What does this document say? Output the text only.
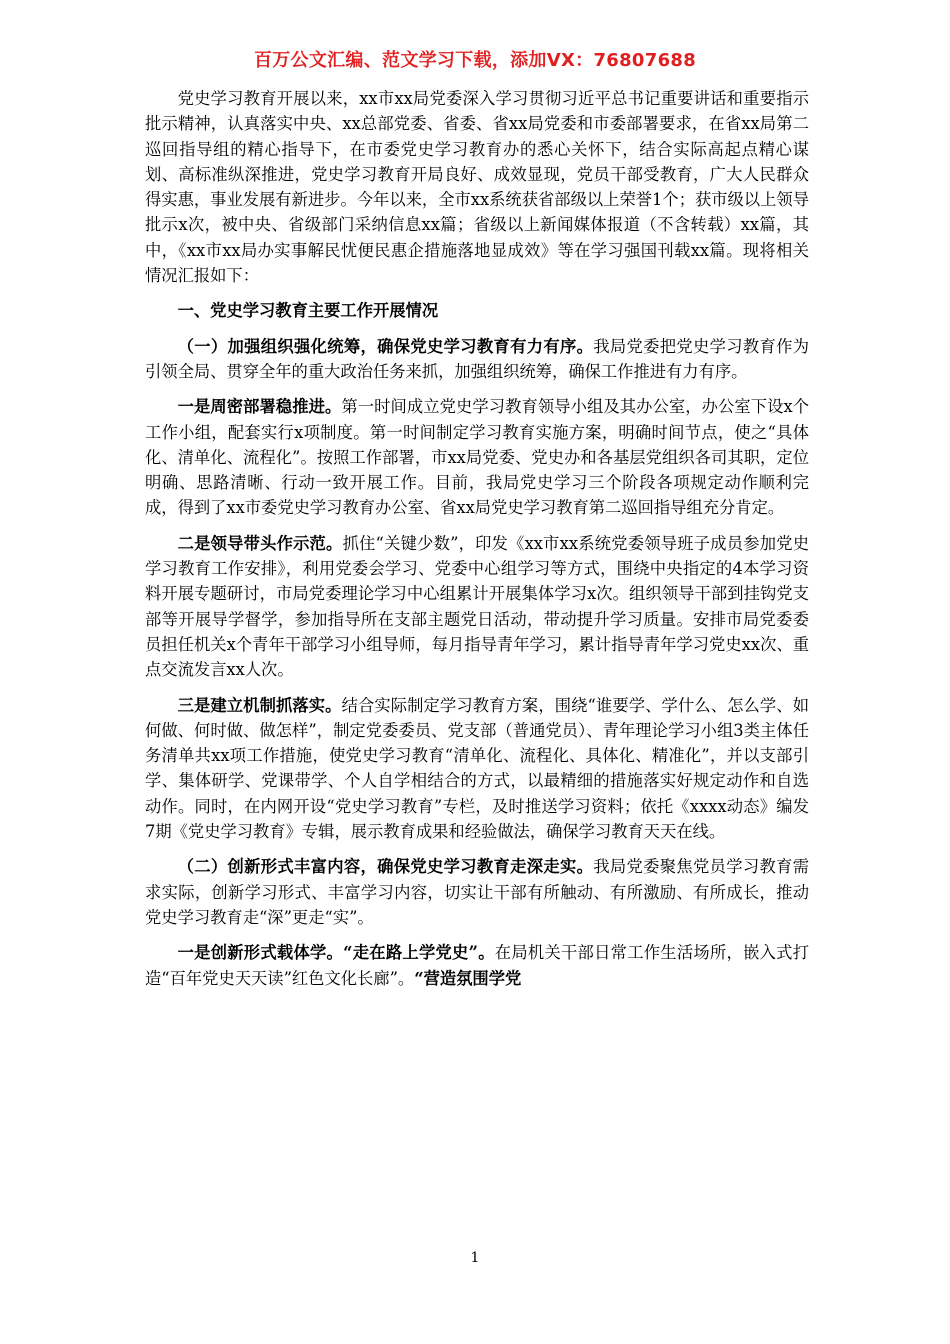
百万公文汇编、范文学习下载，添加VX：76807688

党史学习教育开展以来，xx市xx局党委深入学习贯彻习近平总书记重要讲话和重要指示批示精神，认真落实中央、xx总部党委、省委、省xx局党委和市委部署要求，在省xx局第二巡回指导组的精心指导下，在市委党史学习教育办的悉心关怀下，结合实际高起点精心谋划、高标准纵深推进，党史学习教育开局良好、成效显现，党员干部受教育，广大人民群众得实惠，事业发展有新进步。今年以来，全市xx系统获省部级以上荣誉1个；获市级以上领导批示x次，被中央、省级部门采纳信息xx篇；省级以上新闻媒体报道（不含转载）xx篇，其中，《xx市xx局办实事解民忧便民惠企措施落地显成效》等在学习强国刊载xx篇。现将相关情况汇报如下：

一、党史学习教育主要工作开展情况

（一）加强组织强化统筹，确保党史学习教育有力有序。我局党委把党史学习教育作为引领全局、贯穿全年的重大政治任务来抓，加强组织统筹，确保工作推进有力有序。

一是周密部署稳推进。第一时间成立党史学习教育领导小组及其办公室，办公室下设x个工作小组，配套实行x项制度。第一时间制定学习教育实施方案，明确时间节点，使之“具体化、清单化、流程化”。按照工作部署，市xx局党委、党史办和各基层党组织各司其职，定位明确、思路清晰、行动一致开展工作。目前，我局党史学习三个阶段各项规定动作顺利完成，得到了xx市委党史学习教育办公室、省xx局党史学习教育第二巡回指导组充分肯定。

二是领导带头作示范。抓住“关键少数”，印发《xx市xx系统党委领导班子成员参加党史学习教育工作安排》，利用党委会学习、党委中心组学习等方式，围绕中央指定的4本学习资料开展专题研讨，市局党委理论学习中心组累计开展集体学习x次。组织领导干部到挂钩党支部等开展导学督学，参加指导所在支部主题党日活动，带动提升学习质量。安排市局党委委员担任机关x个青年干部学习小组导师，每月指导青年学习，累计指导青年学习党史xx次、重点交流发言xx人次。

三是建立机制抓落实。结合实际制定学习教育方案，围绕“谁要学、学什么、怎么学、如何做、何时做、做怎样”，制定党委委员、党支部（普通党员）、青年理论学习小组3类主体任务清单共xx项工作措施，使党史学习教育“清单化、流程化、具体化、精准化”，并以支部引学、集体研学、党课带学、个人自学相结合的方式，以最精细的措施落实好规定动作和自选动作。同时，在内网开设“党史学习教育”专栏，及时推送学习资料；依托《xxxx动态》编发7期《党史学习教育》专辑，展示教育成果和经验做法，确保学习教育天天在线。

（二）创新形式丰富内容，确保党史学习教育走深走实。我局党委聚焦党员学习教育需求实际，创新学习形式、丰富学习内容，切实让干部有所触动、有所激励、有所成长，推动党史学习教育走“深”更走“实”。

一是创新形式载体学。“走在路上学党史”。在局机关干部日常工作生活场所，嵌入式打造“百年党史天天读”红色文化长廊”。“营造氛围学党

1
